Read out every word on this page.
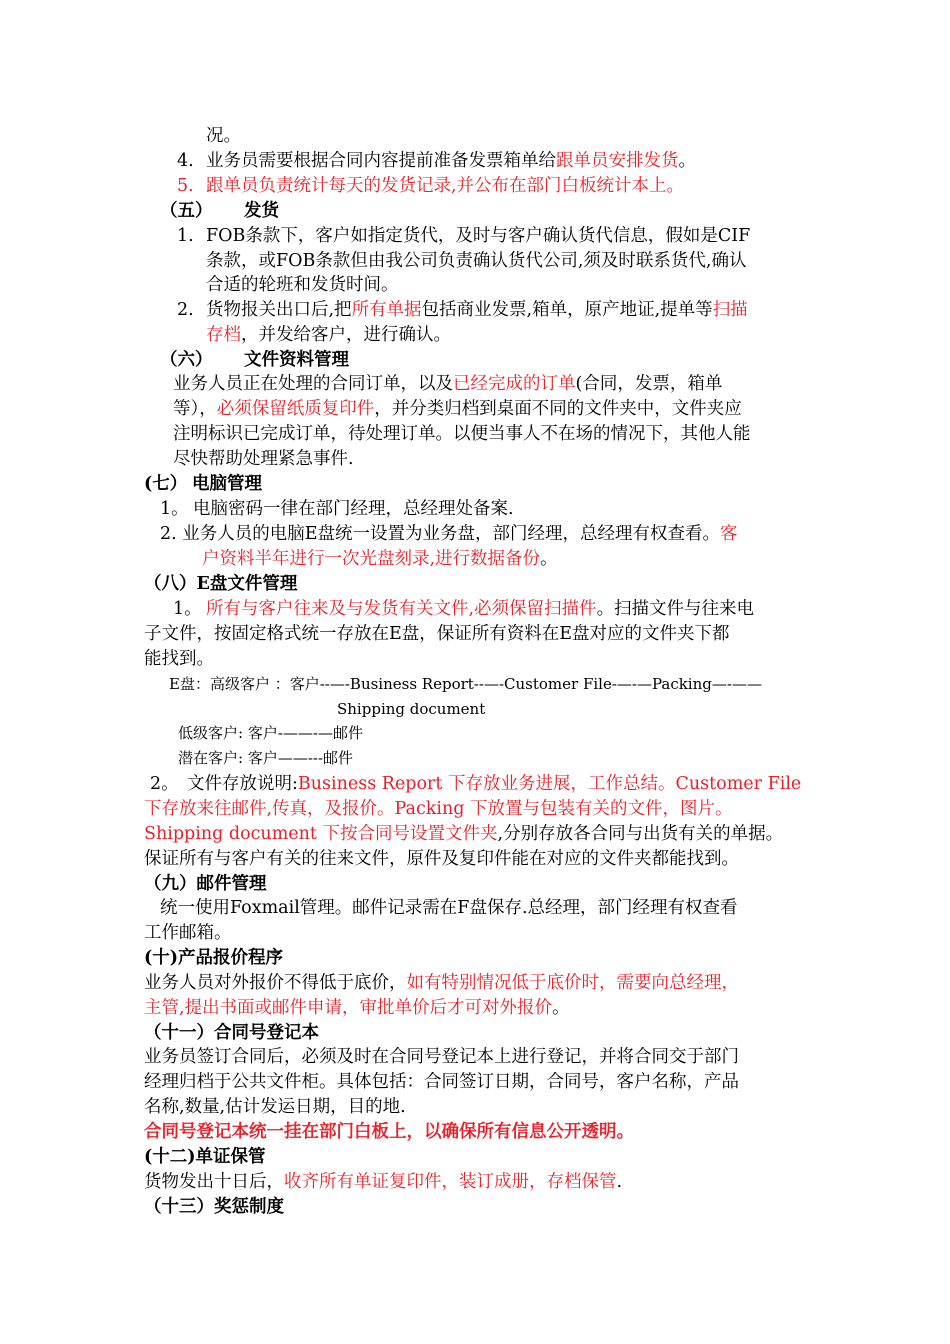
况。
4. 业务员需要根据合同内容提前准备发票箱单给跟单员安排发货。
5. 跟单员负责统计每天的发货记录,并公布在部门白板统计本上。
（五） 发货
1. FOB条款下，客户如指定货代，及时与客户确认货代信息，假如是CIF
条款，或FOB条款但由我公司负责确认货代公司,须及时联系货代,确认
合适的轮班和发货时间。
2. 货物报关出口后,把所有单据包括商业发票,箱单，原产地证,提单等扫描
存档，并发给客户，进行确认。
（六） 文件资料管理
业务人员正在处理的合同订单，以及已经完成的订单(合同，发票，箱单
等），必须保留纸质复印件，并分类归档到桌面不同的文件夹中，文件夹应
注明标识已完成订单，待处理订单。以便当事人不在场的情况下，其他人能
尽快帮助处理紧急事件.
(七） 电脑管理
1。 电脑密码一律在部门经理，总经理处备案.
2. 业务人员的电脑E盘统一设置为业务盘，部门经理，总经理有权查看。客
户资料半年进行一次光盘刻录,进行数据备份。
（八）E盘文件管理
1。 所有与客户往来及与发货有关文件,必须保留扫描件。扫描文件与往来电
子文件，按固定格式统一存放在E盘，保证所有资料在E盘对应的文件夹下都
能找到。
E盘：高级客户 ：客户--—-Business Report--—-Customer File-—-—Packing—-——
Shipping document
低级客户: 客户-——-—邮件
潜在客户: 客户——---邮件
2。 文件存放说明:Business Report 下存放业务进展，工作总结。Customer File
下存放来往邮件,传真，及报价。Packing 下放置与包装有关的文件，图片。
Shipping document 下按合同号设置文件夹,分别存放各合同与出货有关的单据。
保证所有与客户有关的往来文件，原件及复印件能在对应的文件夹都能找到。
（九）邮件管理
统一使用Foxmail管理。邮件记录需在F盘保存.总经理，部门经理有权查看
工作邮箱。
(十)产品报价程序
业务人员对外报价不得低于底价，如有特别情况低于底价时，需要向总经理，
主管,提出书面或邮件申请，审批单价后才可对外报价。
（十一）合同号登记本
业务员签订合同后，必须及时在合同号登记本上进行登记，并将合同交于部门
经理归档于公共文件柜。具体包括：合同签订日期，合同号，客户名称，产品
名称,数量,估计发运日期，目的地.
合同号登记本统一挂在部门白板上，以确保所有信息公开透明。
(十二)单证保管
货物发出十日后，收齐所有单证复印件，装订成册，存档保管.
（十三）奖惩制度
